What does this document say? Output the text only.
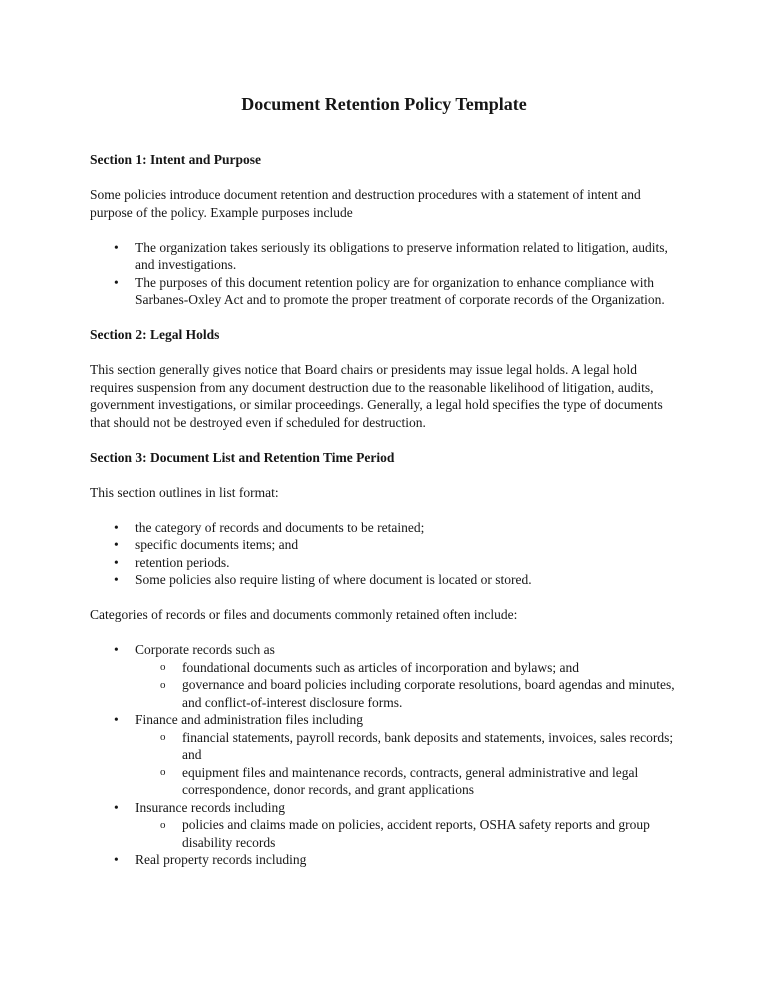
Document Retention Policy Template
Section 1: Intent and Purpose

Some policies introduce document retention and destruction procedures with a statement of intent and purpose of the policy. Example purposes include

•	The organization takes seriously its obligations to preserve information related to litigation, audits, and investigations.
•	The purposes of this document retention policy are for organization to enhance compliance with Sarbanes-Oxley Act and to promote the proper treatment of corporate records of the Organization.
Section 2: Legal Holds

This section generally gives notice that Board chairs or presidents may issue legal holds. A legal hold requires suspension from any document destruction due to the reasonable likelihood of litigation, audits, government investigations, or similar proceedings. Generally, a legal hold specifies the type of documents that should not be destroyed even if scheduled for destruction.

Section 3: Document List and Retention Time Period

This section outlines in list format:

•	the category of records and documents to be retained;
•	specific documents items; and
•	retention periods.
•	Some policies also require listing of where document is located or stored.

Categories of records or files and documents commonly retained often include:

•	Corporate records such as
o foundational documents such as articles of incorporation and bylaws; and
o governance and board policies including corporate resolutions, board agendas and minutes, and conflict-of-interest disclosure forms.
•	Finance and administration files including
o financial statements, payroll records, bank deposits and statements, invoices, sales records; and
o equipment files and maintenance records, contracts, general administrative and legal correspondence, donor records, and grant applications
•	Insurance records including
o policies and claims made on policies, accident reports, OSHA safety reports and group disability records
•	Real property records including
